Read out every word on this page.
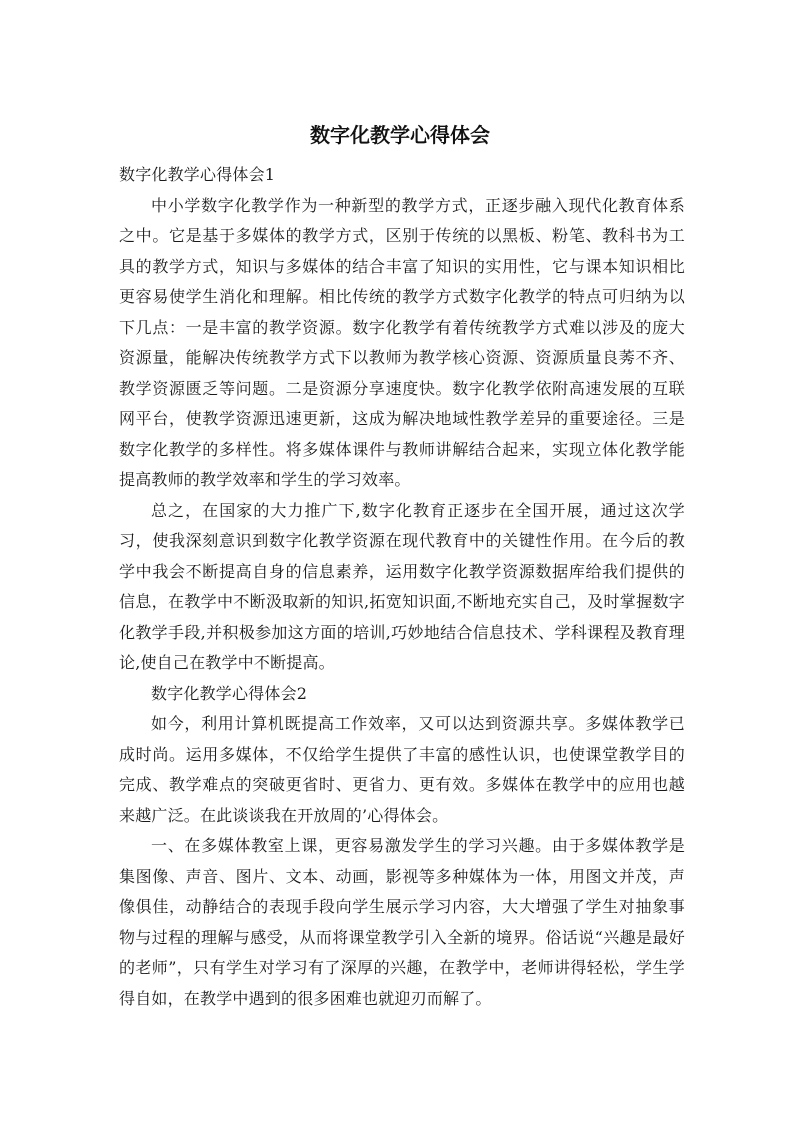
数字化教学心得体会

数字化教学心得体会1

中小学数字化教学作为一种新型的教学方式，正逐步融入现代化教育体系之中。它是基于多媒体的教学方式，区别于传统的以黑板、粉笔、教科书为工具的教学方式，知识与多媒体的结合丰富了知识的实用性，它与课本知识相比更容易使学生消化和理解。相比传统的教学方式数字化教学的特点可归纳为以下几点：一是丰富的教学资源。数字化教学有着传统教学方式难以涉及的庞大资源量，能解决传统教学方式下以教师为教学核心资源、资源质量良莠不齐、教学资源匮乏等问题。二是资源分享速度快。数字化教学依附高速发展的互联网平台，使教学资源迅速更新，这成为解决地域性教学差异的重要途径。三是数字化教学的多样性。将多媒体课件与教师讲解结合起来，实现立体化教学能提高教师的教学效率和学生的学习效率。

总之，在国家的大力推广下,数字化教育正逐步在全国开展，通过这次学习，使我深刻意识到数字化教学资源在现代教育中的关键性作用。在今后的教学中我会不断提高自身的信息素养，运用数字化教学资源数据库给我们提供的信息，在教学中不断汲取新的知识,拓宽知识面,不断地充实自己，及时掌握数字化教学手段,并积极参加这方面的培训,巧妙地结合信息技术、学科课程及教育理论,使自己在教学中不断提高。

数字化教学心得体会2

如今，利用计算机既提高工作效率，又可以达到资源共享。多媒体教学已成时尚。运用多媒体，不仅给学生提供了丰富的感性认识，也使课堂教学目的完成、教学难点的突破更省时、更省力、更有效。多媒体在教学中的应用也越来越广泛。在此谈谈我在开放周的’心得体会。

一、在多媒体教室上课，更容易激发学生的学习兴趣。由于多媒体教学是集图像、声音、图片、文本、动画，影视等多种媒体为一体，用图文并茂，声像俱佳，动静结合的表现手段向学生展示学习内容，大大增强了学生对抽象事物与过程的理解与感受，从而将课堂教学引入全新的境界。俗话说“兴趣是最好的老师”，只有学生对学习有了深厚的兴趣，在教学中，老师讲得轻松，学生学得自如，在教学中遇到的很多困难也就迎刃而解了。
